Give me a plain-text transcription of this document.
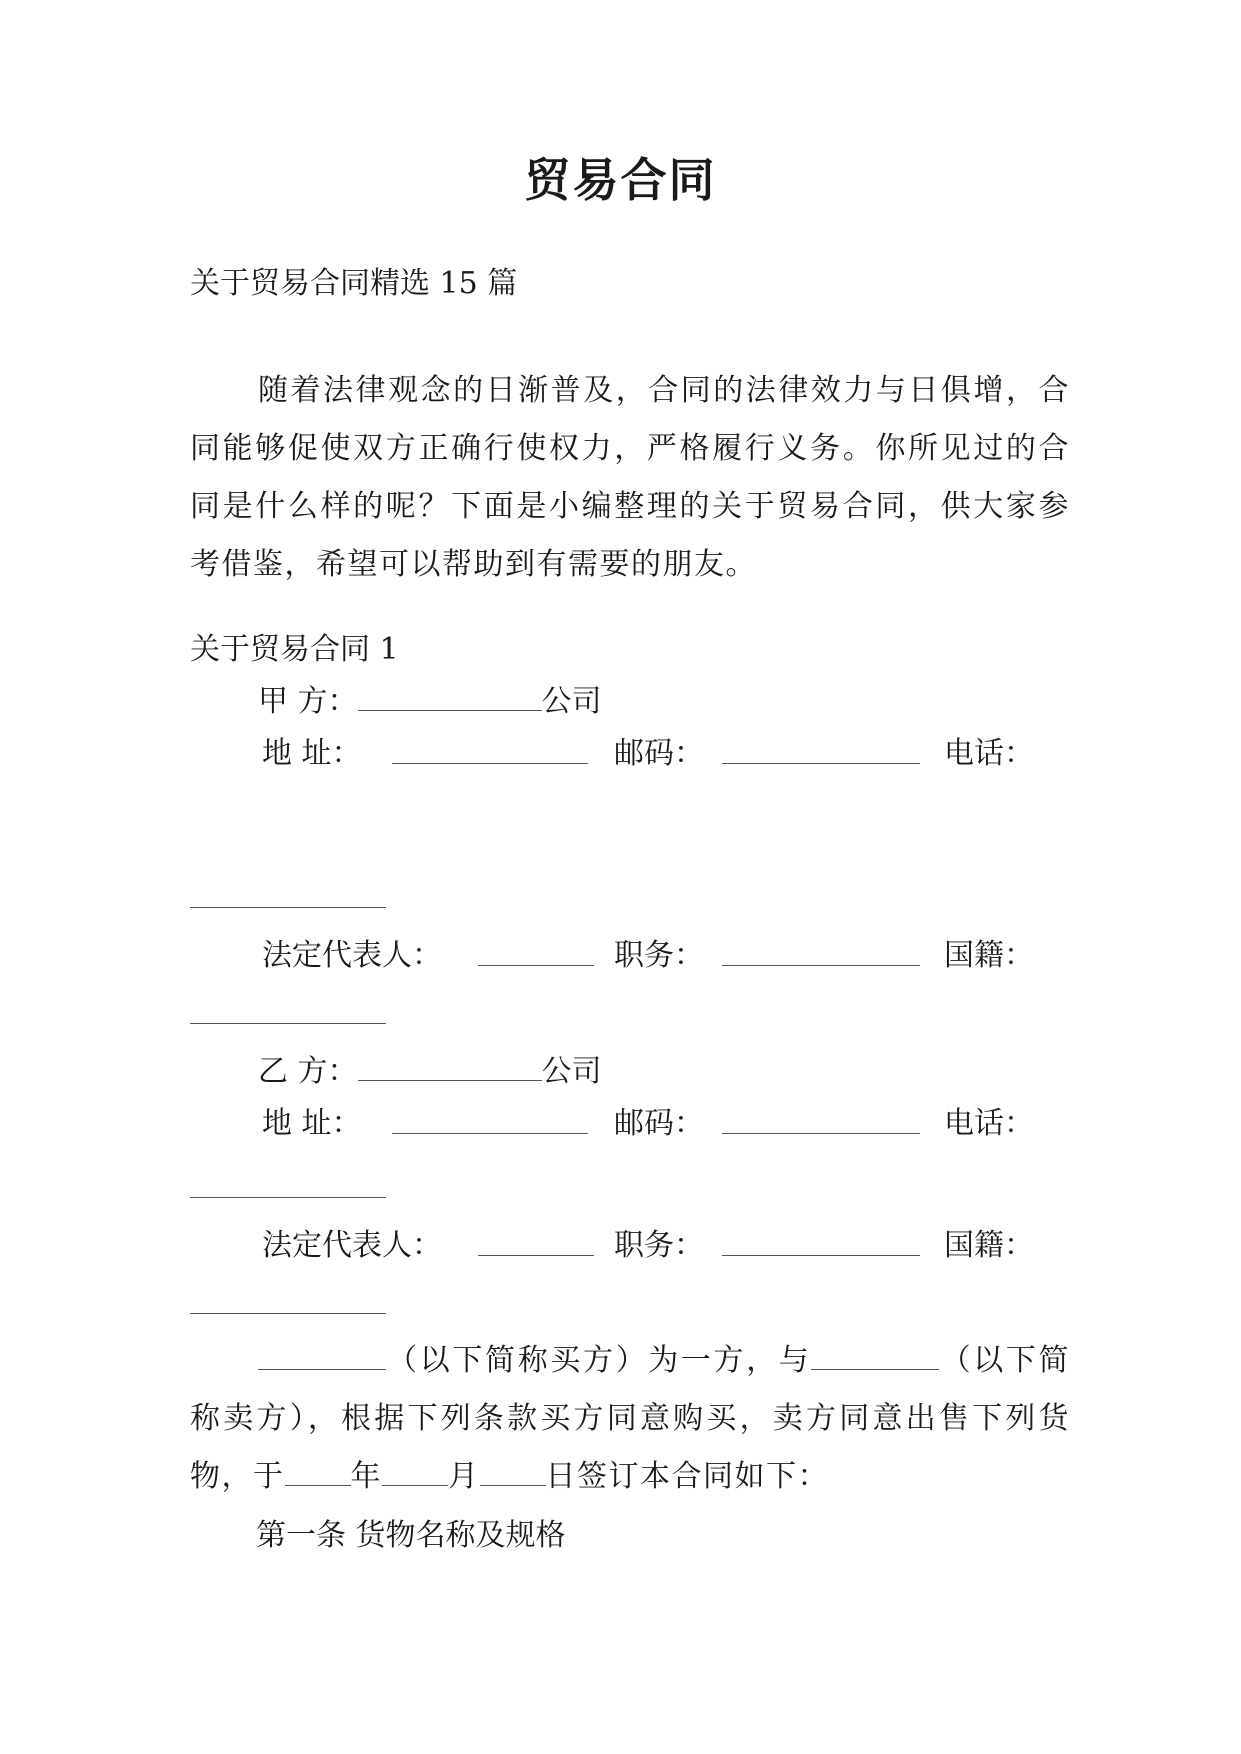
贸易合同
关于贸易合同精选 15 篇
随着法律观念的日渐普及，合同的法律效力与日俱增，合同能够促使双方正确行使权力，严格履行义务。你所见过的合同是什么样的呢？下面是小编整理的关于贸易合同，供大家参考借鉴，希望可以帮助到有需要的朋友。
关于贸易合同 1
甲 方：	公司
地 址：	邮码：	电话：
法定代表人：	职务：	国籍：
乙 方：	公司
地 址：	邮码：	电话：
法定代表人：	职务：	国籍：
（以下简称买方）为一方，与	（以下简称卖方），根据下列条款买方同意购买，卖方同意出售下列货物，于 年 月 日签订本合同如下：
第一条 货物名称及规格
